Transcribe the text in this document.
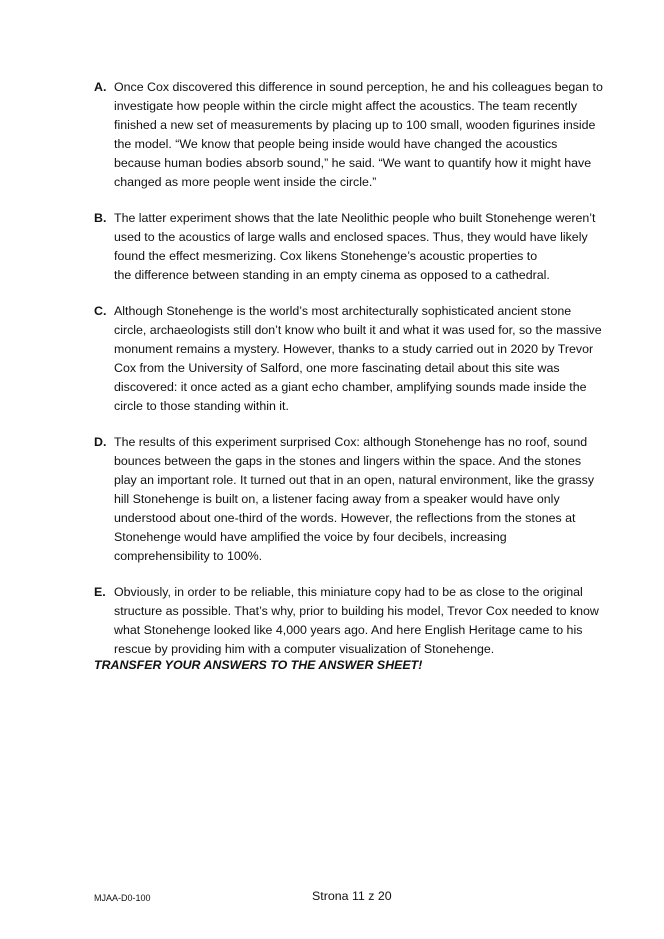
A. Once Cox discovered this difference in sound perception, he and his colleagues began to
investigate how people within the circle might affect the acoustics. The team recently
finished a new set of measurements by placing up to 100 small, wooden figurines inside
the model. “We know that people being inside would have changed the acoustics
because human bodies absorb sound,” he said. “We want to quantify how it might have
changed as more people went inside the circle.”
B. The latter experiment shows that the late Neolithic people who built Stonehenge weren’t
used to the acoustics of large walls and enclosed spaces. Thus, they would have likely
found the effect mesmerizing. Cox likens Stonehenge’s acoustic properties to
the difference between standing in an empty cinema as opposed to a cathedral.
C. Although Stonehenge is the world’s most architecturally sophisticated ancient stone
circle, archaeologists still don’t know who built it and what it was used for, so the massive
monument remains a mystery. However, thanks to a study carried out in 2020 by Trevor
Cox from the University of Salford, one more fascinating detail about this site was
discovered: it once acted as a giant echo chamber, amplifying sounds made inside the
circle to those standing within it.
D. The results of this experiment surprised Cox: although Stonehenge has no roof, sound
bounces between the gaps in the stones and lingers within the space. And the stones
play an important role. It turned out that in an open, natural environment, like the grassy
hill Stonehenge is built on, a listener facing away from a speaker would have only
understood about one-third of the words. However, the reflections from the stones at
Stonehenge would have amplified the voice by four decibels, increasing
comprehensibility to 100%.
E. Obviously, in order to be reliable, this miniature copy had to be as close to the original
structure as possible. That’s why, prior to building his model, Trevor Cox needed to know
what Stonehenge looked like 4,000 years ago. And here English Heritage came to his
rescue by providing him with a computer visualization of Stonehenge.
TRANSFER YOUR ANSWERS TO THE ANSWER SHEET!
MJAA-D0-100	Strona 11 z 20
